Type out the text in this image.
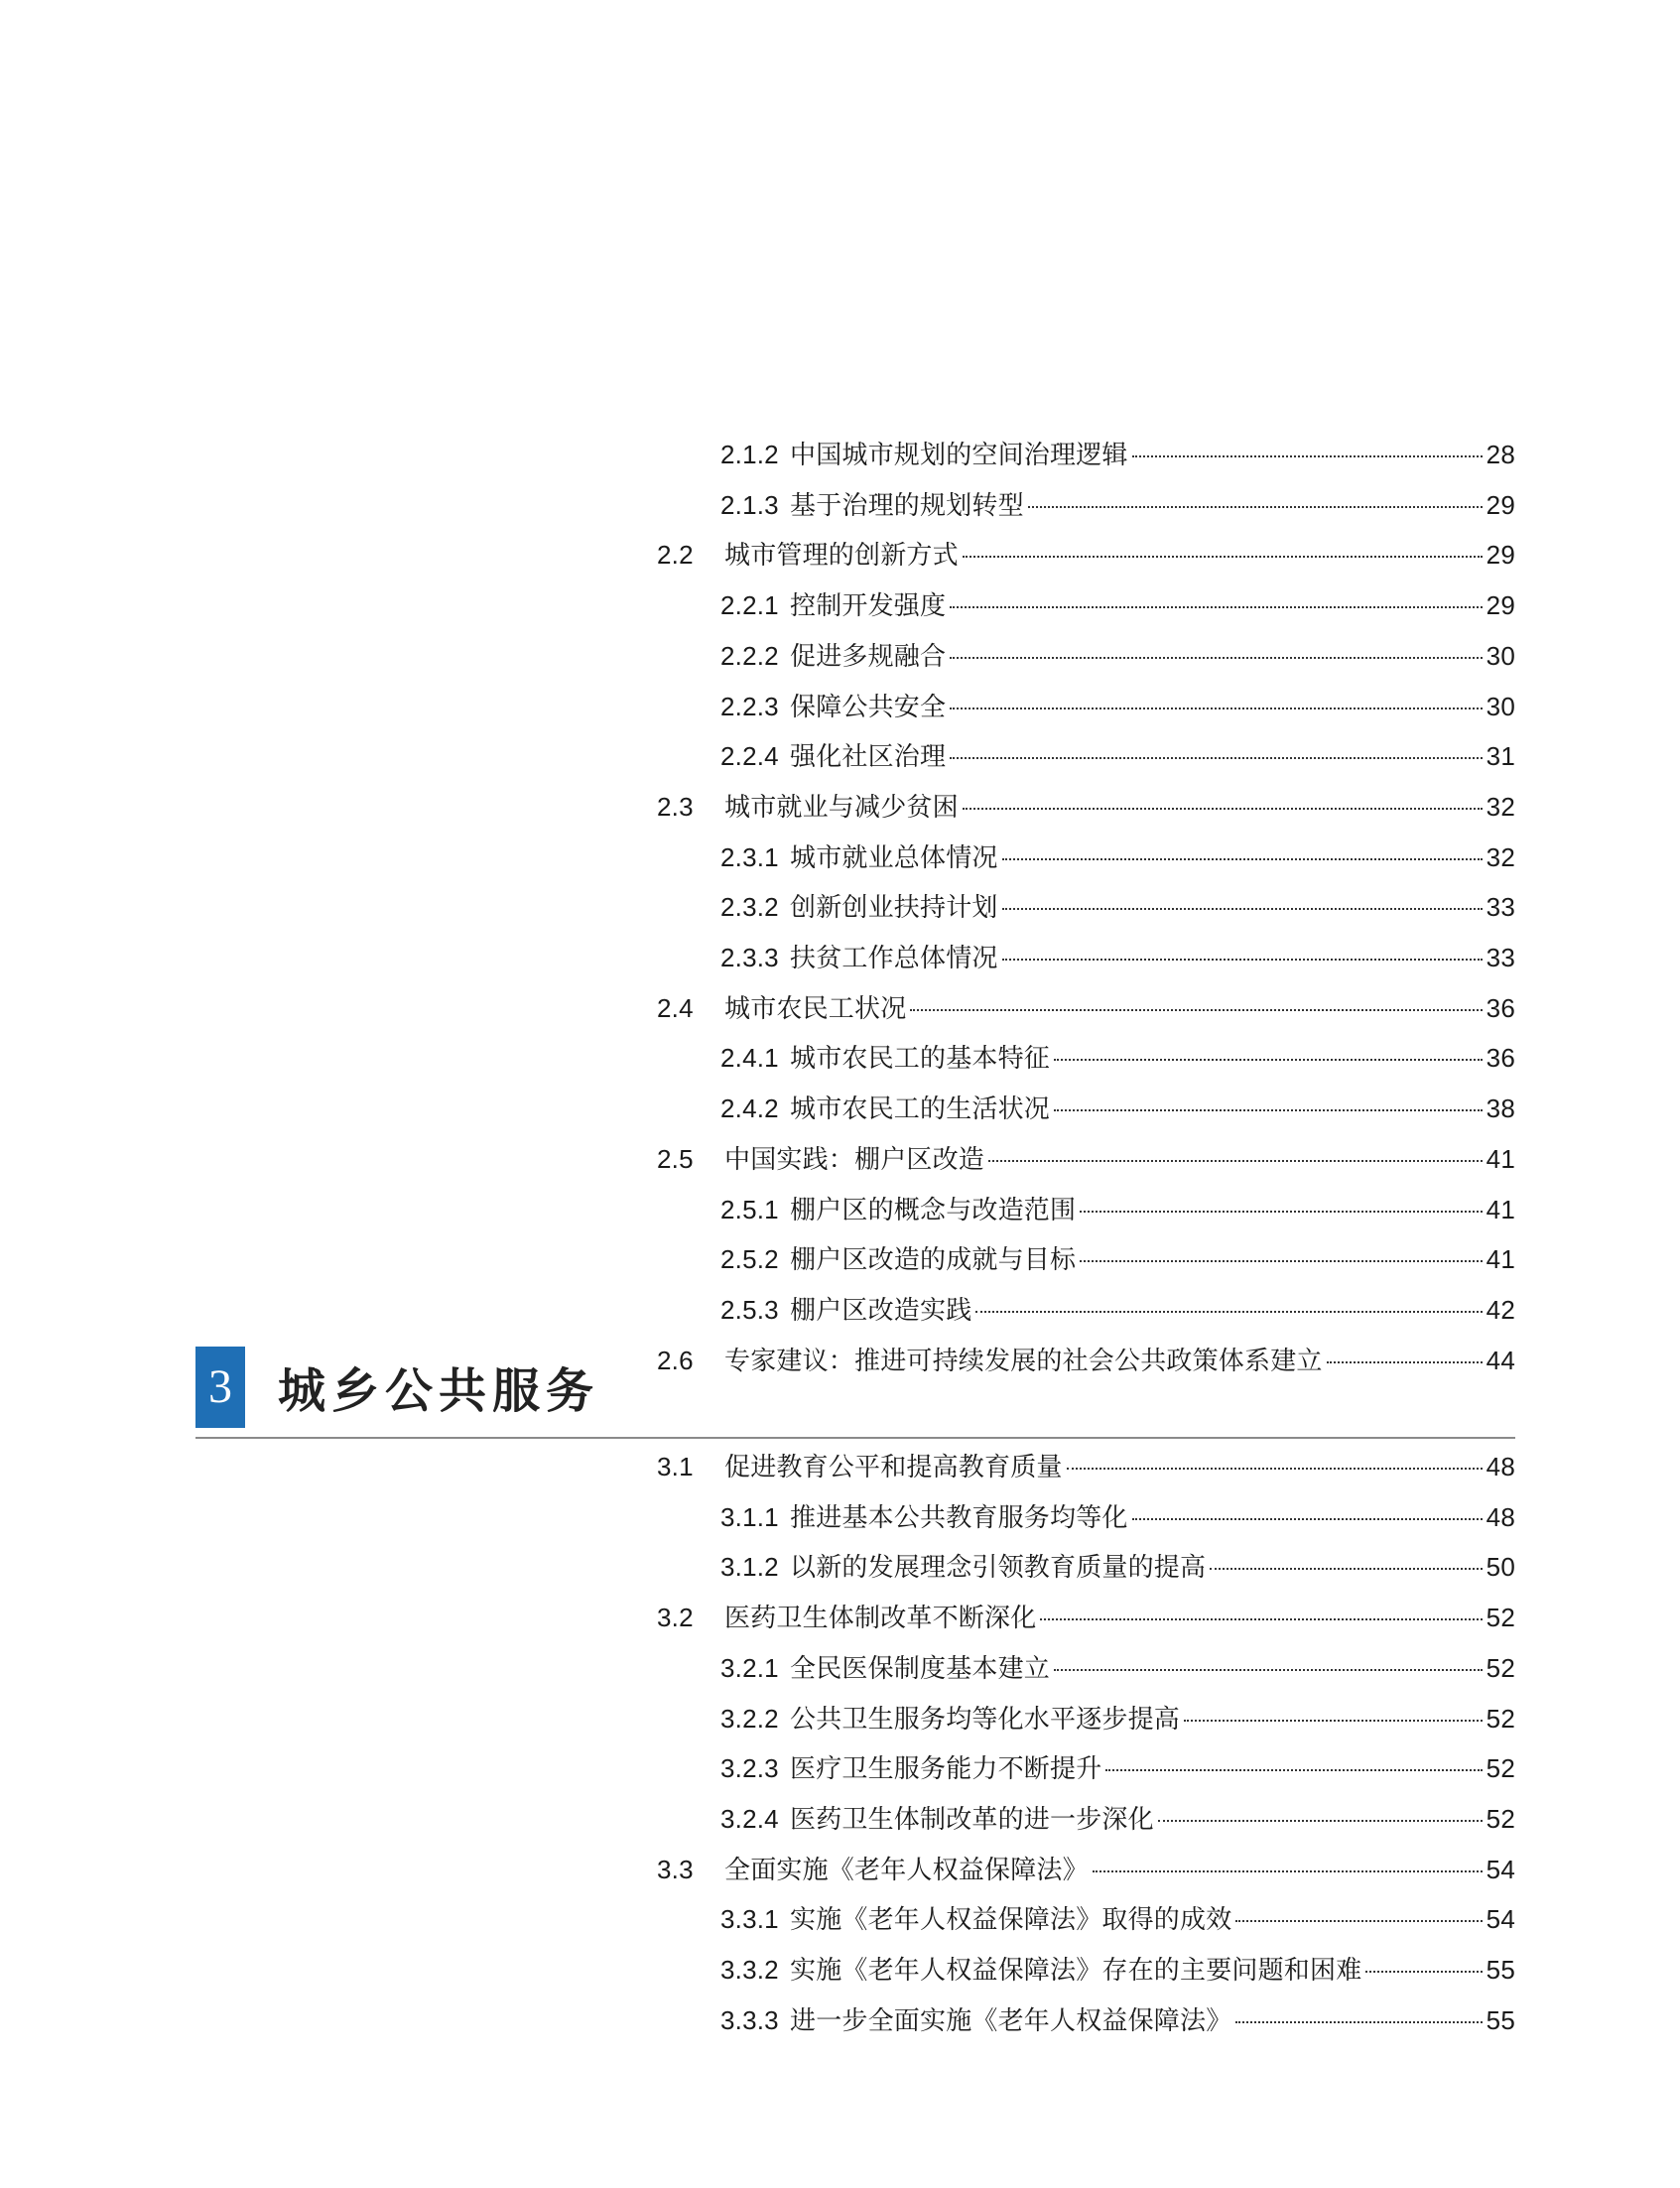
2.1.2 中国城市规划的空间治理逻辑	28
2.1.3 基于治理的规划转型	29
2.2	城市管理的创新方式	29
2.2.1 控制开发强度	29
2.2.2 促进多规融合	30
2.2.3 保障公共安全	30
2.2.4 强化社区治理	31
2.3	城市就业与减少贫困	32
2.3.1 城市就业总体情况	32
2.3.2 创新创业扶持计划	33
2.3.3 扶贫工作总体情况	33
2.4	城市农民工状况	36
2.4.1 城市农民工的基本特征	36
2.4.2 城市农民工的生活状况	38
2.5	中国实践：棚户区改造	41
2.5.1 棚户区的概念与改造范围	41
2.5.2 棚户区改造的成就与目标	41
2.5.3 棚户区改造实践	42
2.6	专家建议：推进可持续发展的社会公共政策体系建立	44
3 城乡公共服务
3.1	促进教育公平和提高教育质量	48
3.1.1 推进基本公共教育服务均等化	48
3.1.2 以新的发展理念引领教育质量的提高	50
3.2	医药卫生体制改革不断深化	52
3.2.1 全民医保制度基本建立	52
3.2.2 公共卫生服务均等化水平逐步提高	52
3.2.3 医疗卫生服务能力不断提升	52
3.2.4 医药卫生体制改革的进一步深化	52
3.3	全面实施《老年人权益保障法》	54
3.3.1 实施《老年人权益保障法》取得的成效	54
3.3.2 实施《老年人权益保障法》存在的主要问题和困难	55
3.3.3 进一步全面实施《老年人权益保障法》	55
